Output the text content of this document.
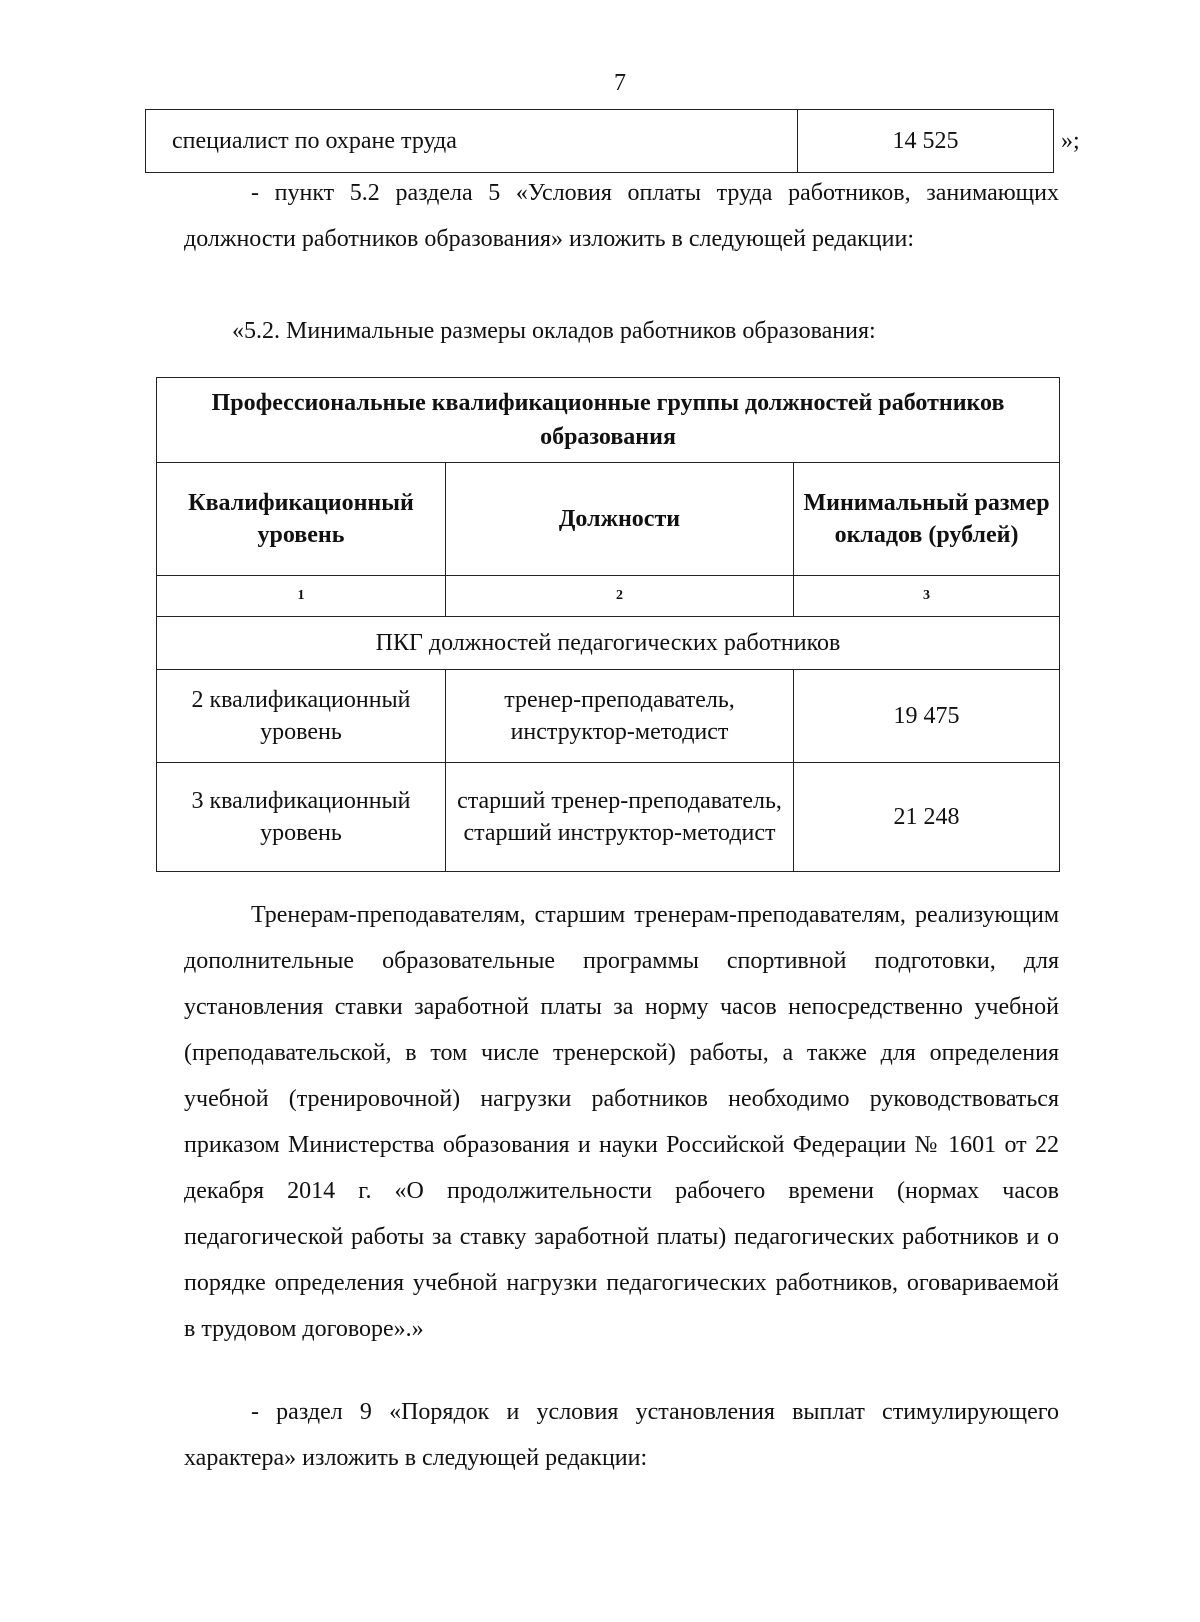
7
специалист по охране труда	14 525	»;

- пункт 5.2 раздела 5 «Условия оплаты труда работников, занимающих должности работников образования» изложить в следующей редакции:

«5.2. Минимальные размеры окладов работников образования:

Профессиональные квалификационные группы должностей работников образования		
Квалификационный уровень	Должности	Минимальный размер окладов (рублей)
1	2	3
ПКГ должностей педагогических работников		
2 квалификационный уровень	тренер-преподаватель, инструктор-методист	19 475
3 квалификационный уровень	старший тренер-преподаватель, старший инструктор-методист	21 248

Тренерам-преподавателям, старшим тренерам-преподавателям, реализующим дополнительные образовательные программы спортивной подготовки, для установления ставки заработной платы за норму часов непосредственно учебной (преподавательской, в том числе тренерской) работы, а также для определения учебной (тренировочной) нагрузки работников необходимо руководствоваться приказом Министерства образования и науки Российской Федерации № 1601 от 22 декабря 2014 г. «О продолжительности рабочего времени (нормах часов педагогической работы за ставку заработной платы) педагогических работников и о порядке определения учебной нагрузки педагогических работников, оговариваемой в трудовом договоре».»

- раздел 9 «Порядок и условия установления выплат стимулирующего характера» изложить в следующей редакции:
